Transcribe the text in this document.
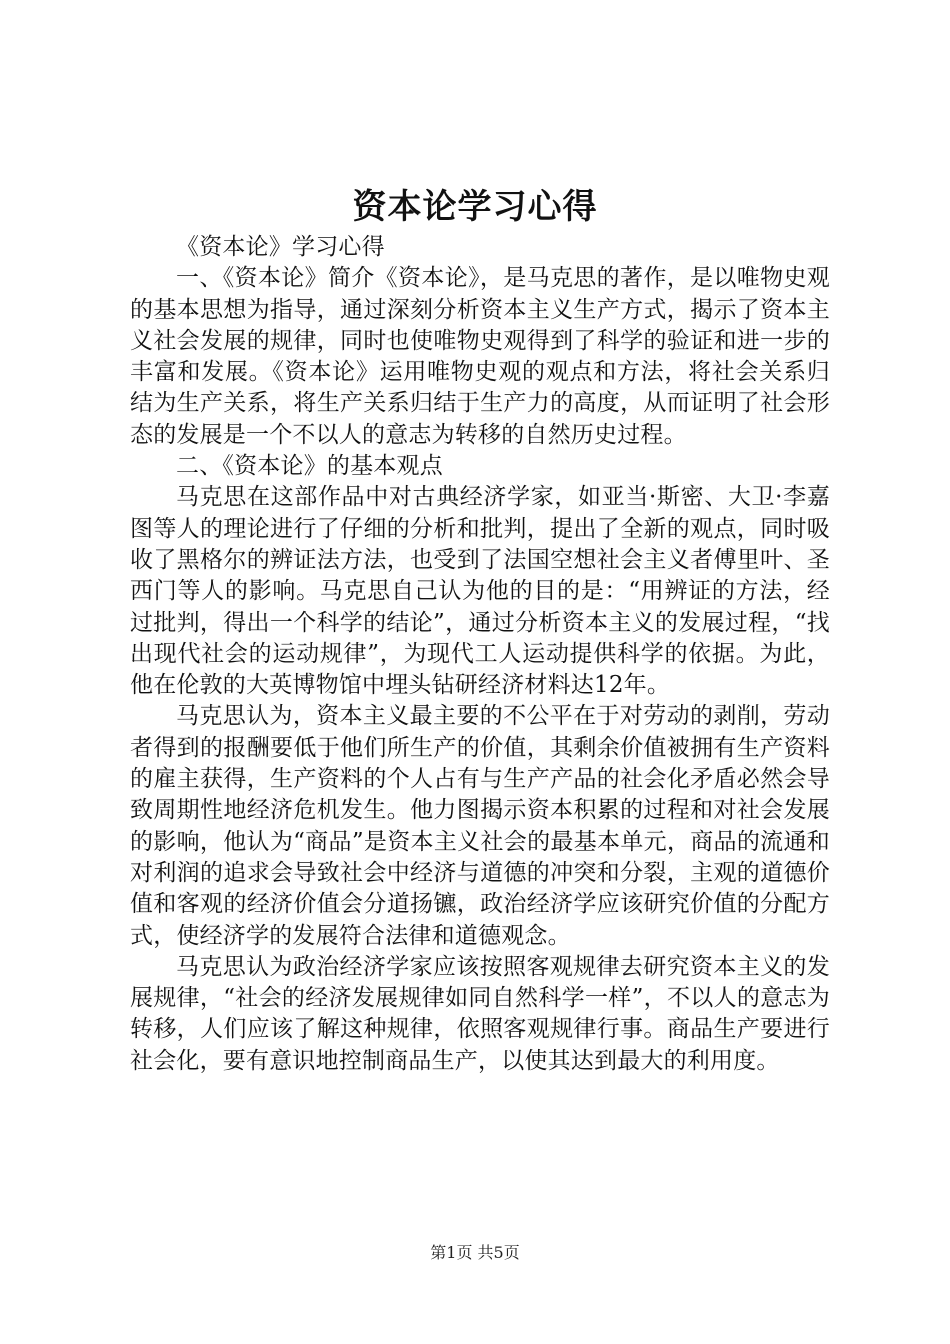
资本论学习心得

《资本论》学习心得

一、《资本论》简介《资本论》，是马克思的著作，是以唯物史观的基本思想为指导，通过深刻分析资本主义生产方式，揭示了资本主义社会发展的规律，同时也使唯物史观得到了科学的验证和进一步的丰富和发展。《资本论》运用唯物史观的观点和方法，将社会关系归结为生产关系，将生产关系归结于生产力的高度，从而证明了社会形态的发展是一个不以人的意志为转移的自然历史过程。

二、《资本论》的基本观点

马克思在这部作品中对古典经济学家，如亚当·斯密、大卫·李嘉图等人的理论进行了仔细的分析和批判，提出了全新的观点，同时吸收了黑格尔的辨证法方法，也受到了法国空想社会主义者傅里叶、圣西门等人的影响。马克思自己认为他的目的是：“用辨证的方法，经过批判，得出一个科学的结论”，通过分析资本主义的发展过程，“找出现代社会的运动规律”，为现代工人运动提供科学的依据。为此，他在伦敦的大英博物馆中埋头钻研经济材料达12年。

马克思认为，资本主义最主要的不公平在于对劳动的剥削，劳动者得到的报酬要低于他们所生产的价值，其剩余价值被拥有生产资料的雇主获得，生产资料的个人占有与生产产品的社会化矛盾必然会导致周期性地经济危机发生。他力图揭示资本积累的过程和对社会发展的影响，他认为“商品”是资本主义社会的最基本单元，商品的流通和对利润的追求会导致社会中经济与道德的冲突和分裂，主观的道德价值和客观的经济价值会分道扬镳，政治经济学应该研究价值的分配方式，使经济学的发展符合法律和道德观念。

马克思认为政治经济学家应该按照客观规律去研究资本主义的发展规律，“社会的经济发展规律如同自然科学一样”，不以人的意志为转移，人们应该了解这种规律，依照客观规律行事。商品生产要进行社会化，要有意识地控制商品生产，以使其达到最大的利用度。

第1页 共5页
